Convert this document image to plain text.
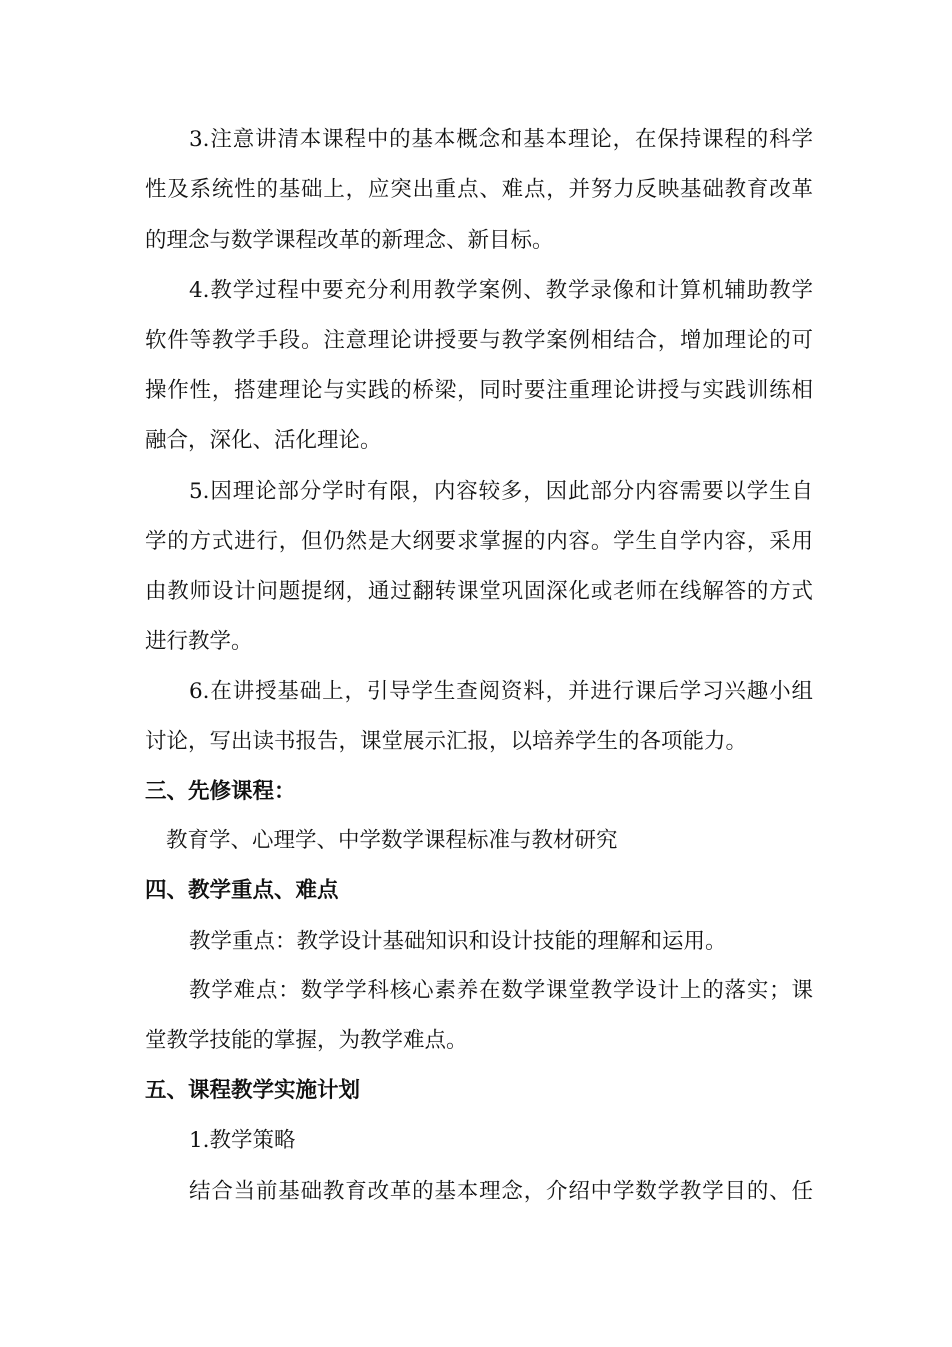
3.注意讲清本课程中的基本概念和基本理论，在保持课程的科学
性及系统性的基础上，应突出重点、难点，并努力反映基础教育改革
的理念与数学课程改革的新理念、新目标。
4.教学过程中要充分利用教学案例、教学录像和计算机辅助教学
软件等教学手段。注意理论讲授要与教学案例相结合，增加理论的可
操作性，搭建理论与实践的桥梁，同时要注重理论讲授与实践训练相
融合，深化、活化理论。
5.因理论部分学时有限，内容较多，因此部分内容需要以学生自
学的方式进行，但仍然是大纲要求掌握的内容。学生自学内容，采用
由教师设计问题提纲，通过翻转课堂巩固深化或老师在线解答的方式
进行教学。
6.在讲授基础上，引导学生查阅资料，并进行课后学习兴趣小组
讨论，写出读书报告，课堂展示汇报，以培养学生的各项能力。
三、先修课程：
教育学、心理学、中学数学课程标准与教材研究
四、教学重点、难点
教学重点：教学设计基础知识和设计技能的理解和运用。
教学难点：数学学科核心素养在数学课堂教学设计上的落实；课
堂教学技能的掌握，为教学难点。
五、课程教学实施计划
1.教学策略
结合当前基础教育改革的基本理念，介绍中学数学教学目的、任
